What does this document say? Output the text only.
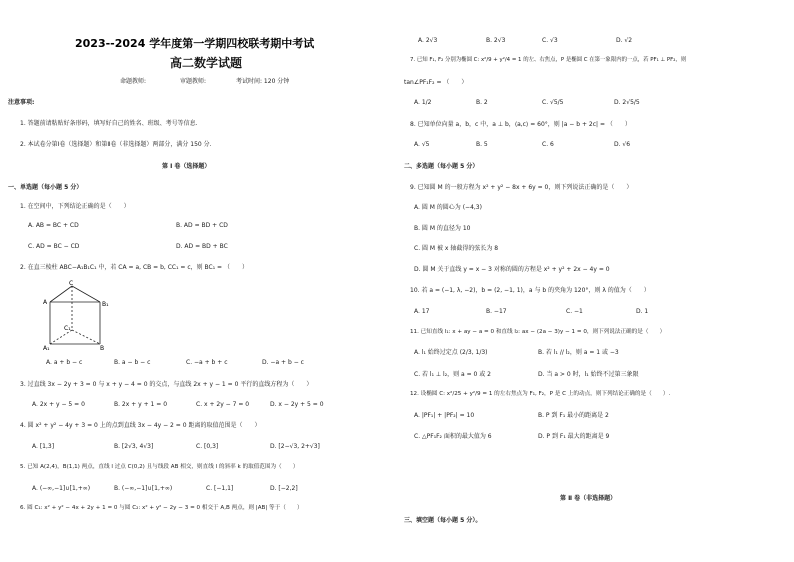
2023--2024 学年度第一学期四校联考期中考试
高二数学试题
命题教师:	审题教师:	考试时间: 120 分钟
注意事项:
1. 答题前请粘贴好条形码，填写好自己的姓名、班级、考号等信息.
2. 本试卷分第Ⅰ卷（选择题）和第Ⅱ卷（非选择题）两部分，满分 150 分.
第 Ⅰ 卷（选择题）
一、单选题（每小题 5 分）
1. 在空间中，下列结论正确的是（　　）
A. AB = BC + CD	B. AD = BD + CD
C. AD = BC − CD	D. AD = BD + BC
2. 在直三棱柱 ABC−A₁B₁C₁ 中，若 CA = a, CB = b, CC₁ = c，则 BC₁ = （　　）
C
A	B₁
C₁
A₁	B
A. a + b − c	B. a − b − c	C. −a + b + c	D. −a + b − c
3. 过直线 3x − 2y + 3 = 0 与 x + y − 4 = 0 的交点，与直线 2x + y − 1 = 0 平行的直线方程为（　　）
A. 2x + y − 5 = 0	B. 2x + y + 1 = 0	C. x + 2y − 7 = 0	D. x − 2y + 5 = 0
4. 圆 x² + y² − 4y + 3 = 0 上的点到直线 3x − 4y − 2 = 0 距离的取值范围是（　　）
A. [1,3]	B. [2√3, 4√3]	C. [0,3]	D. [2−√3, 2+√3]
5. 已知 A(2,4)，B(1,1) 两点，直线 l 过点 C(0,2) 且与线段 AB 相交，则直线 l 的斜率 k 的取值范围为（　　）
A. (−∞,−1]∪[1,+∞)	B. (−∞,−1]∪[1,+∞)	C. [−1,1]	D. [−2,2]
6. 圆 C₁: x² + y² − 4x + 2y + 1 = 0 与圆 C₂: x² + y² − 2y − 3 = 0 相交于 A,B 两点，则 |AB| 等于（　　）
A. 2√3	B. 2√3	C. √3	D. √2
7. 已知 F₁, F₂ 分别为椭圆 C: x²/9 + y²/4 = 1 的左、右焦点，P 是椭圆 C 在第一象限内的一点，若 PF₁ ⊥ PF₂，则
tan∠PF₁F₂ = （　　）
A. 1/2	B. 2	C. √5/5	D. 2√5/5
8. 已知单位向量 a，b，c 中，a ⊥ b，⟨a,c⟩ = 60°，则 |a − b + 2c| = （　　）
A. √5	B. 5	C. 6	D. √6
二、多选题（每小题 5 分）
9. 已知圆 M 的一般方程为 x² + y² − 8x + 6y = 0，则下列说法正确的是（　　）
A. 圆 M 的圆心为 (−4,3)
B. 圆 M 的直径为 10
C. 圆 M 被 x 轴截得的弦长为 8
D. 圆 M 关于直线 y = x − 3 对称的圆的方程是 x² + y² + 2x − 4y = 0
10. 若 a = (−1, λ, −2)，b = (2, −1, 1)，a 与 b 的夹角为 120°，则 λ 的值为（　　）
A. 17	B. −17	C. −1	D. 1
11. 已知直线 l₁: x + ay − a = 0 和直线 l₂: ax − (2a − 3)y − 1 = 0，则下列说法正确的是（　　）
A. l₁ 始终过定点 (2/3, 1/3)	B. 若 l₁ // l₂，则 a = 1 或 −3
C. 若 l₁ ⊥ l₂，则 a = 0 或 2	D. 当 a > 0 时，l₁ 始终不过第三象限
12. 设椭圆 C: x²/25 + y²/9 = 1 的左右焦点为 F₁, F₂，P 是 C 上的动点，则下列结论正确的是（　　）.
A. |PF₁| + |PF₂| = 10	B. P 到 F₁ 最小的距离是 2
C. △PF₁F₂ 面积的最大值为 6	D. P 到 F₁ 最大的距离是 9
第 Ⅱ 卷（非选择题）
三、填空题（每小题 5 分）。
